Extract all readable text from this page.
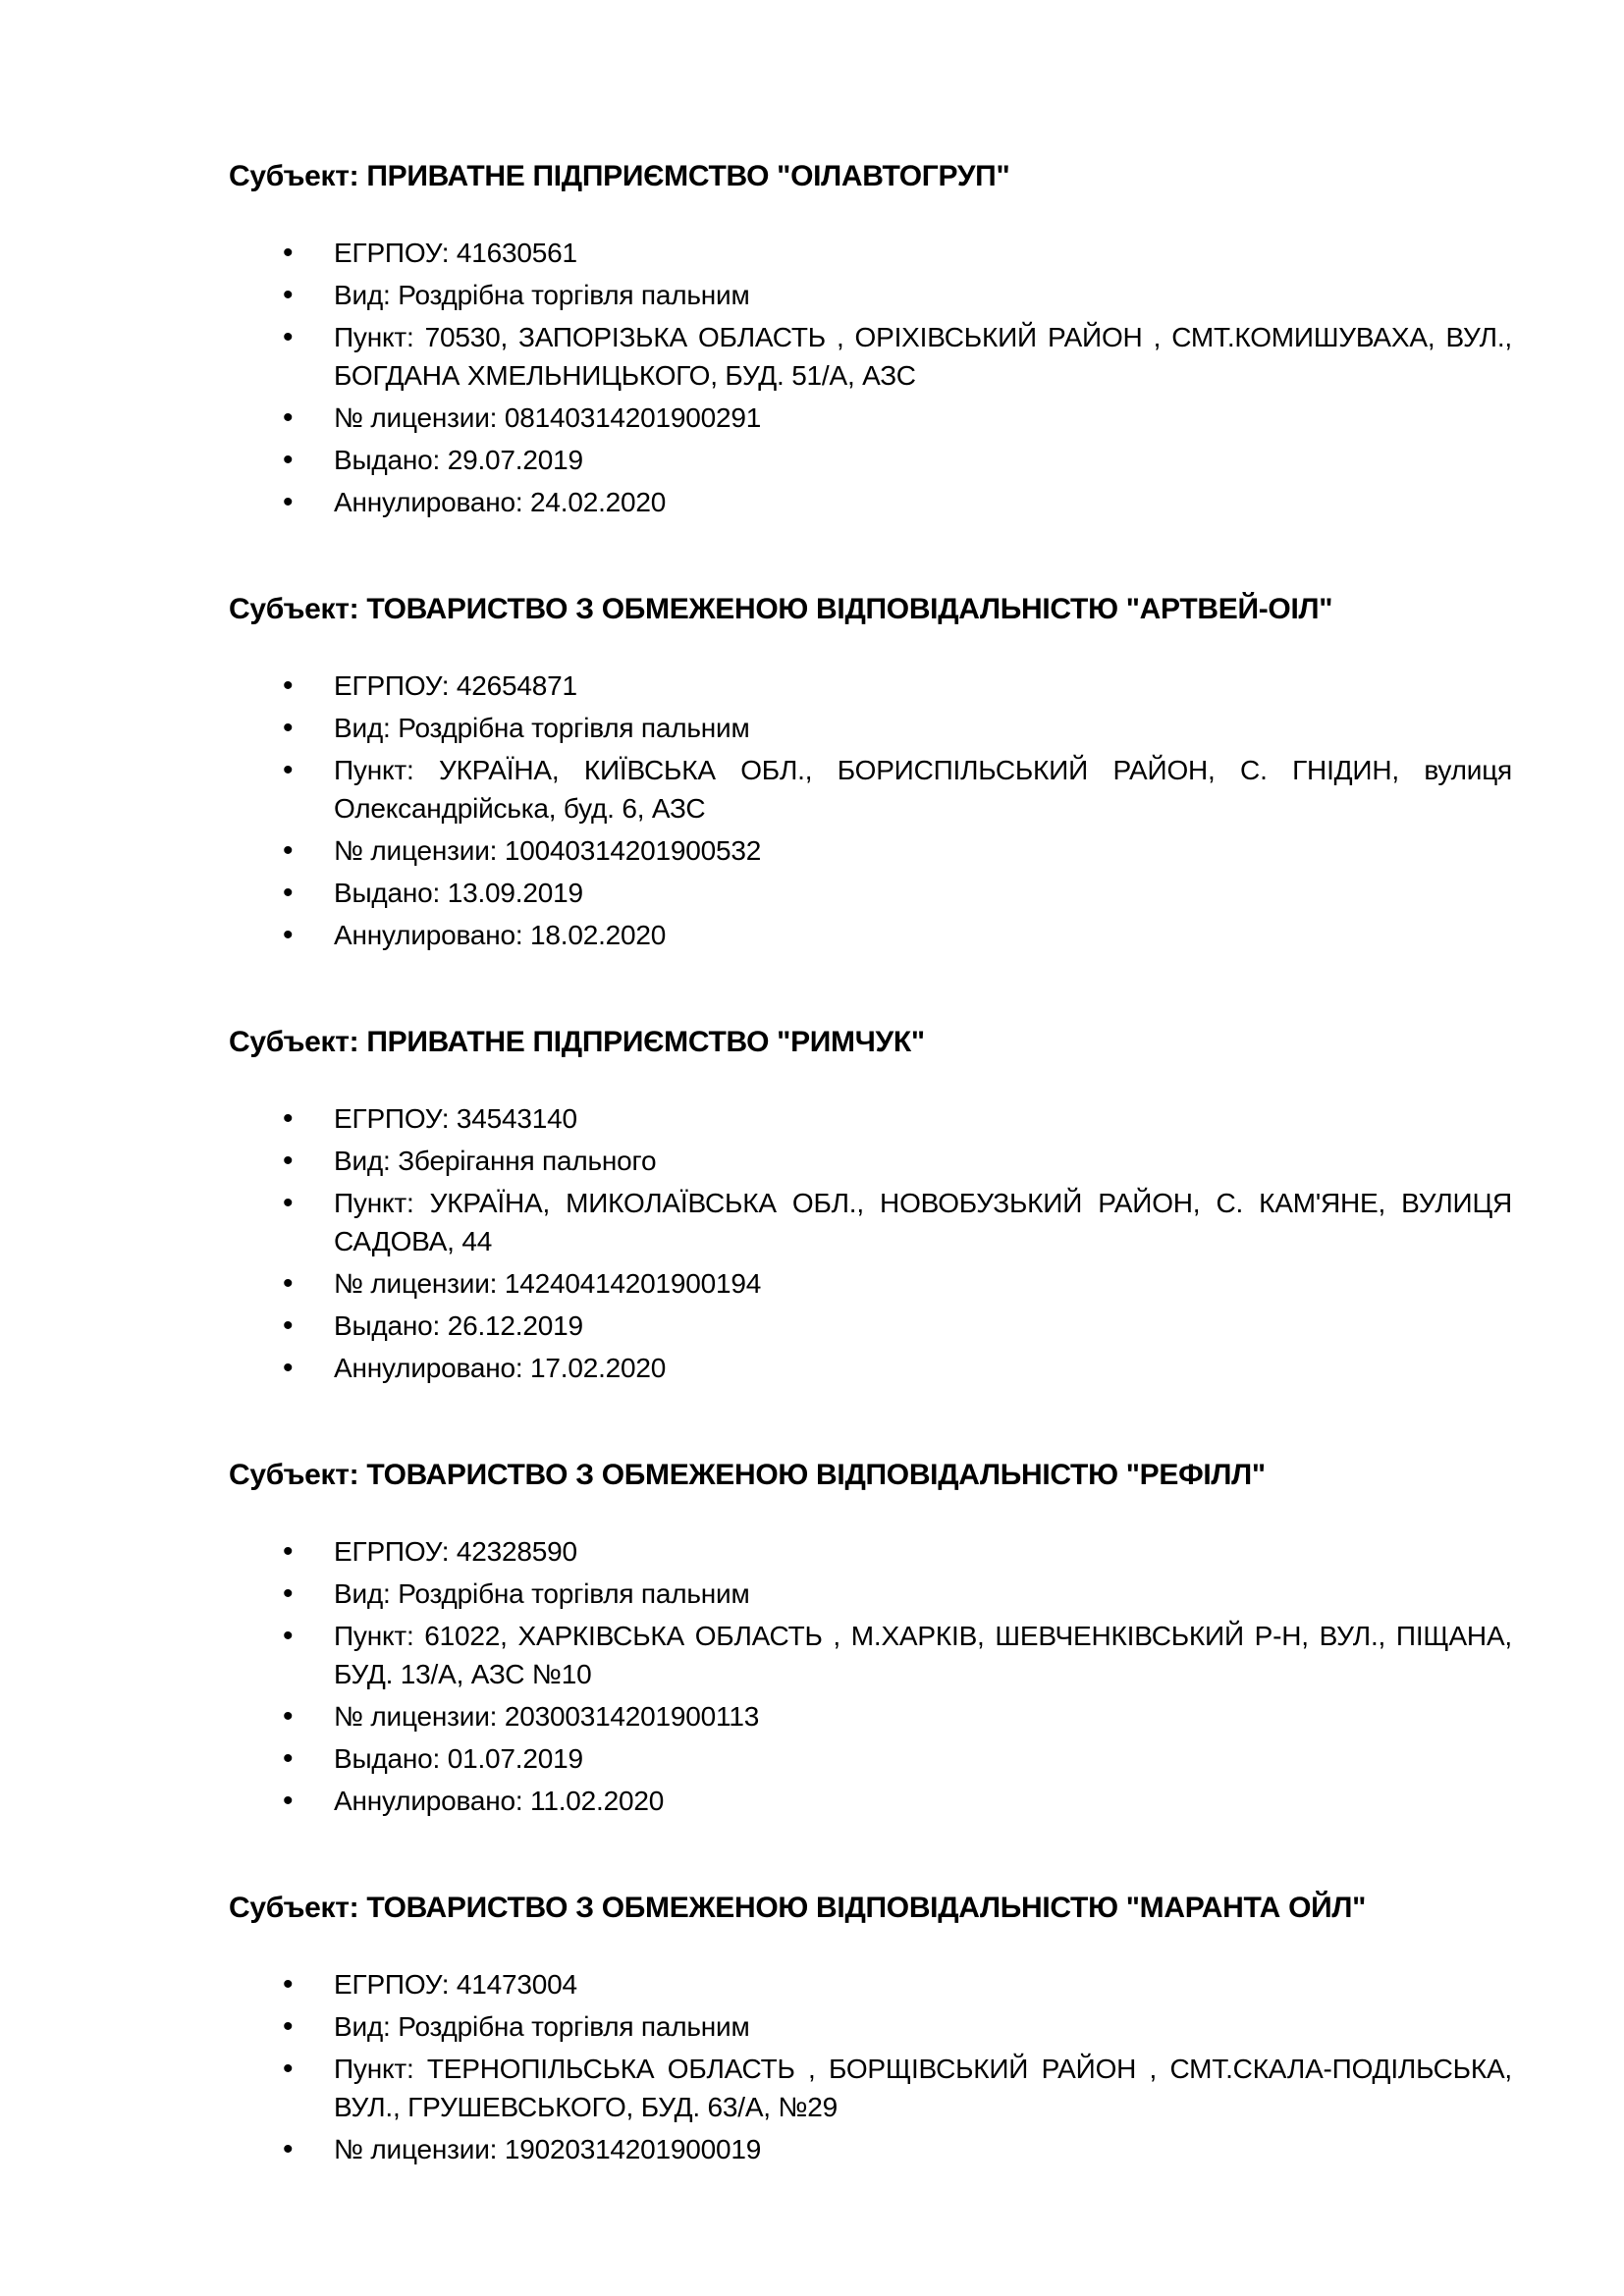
Субъект: ПРИВАТНЕ ПІДПРИЄМСТВО "ОІЛАВТОГРУП"
• ЕГРПОУ: 41630561
• Вид: Роздрібна торгівля пальним
• Пункт: 70530, ЗАПОРІЗЬКА ОБЛАСТЬ , ОРІХІВСЬКИЙ РАЙОН , СМТ.КОМИШУВАХА, ВУЛ., БОГДАНА ХМЕЛЬНИЦЬКОГО, БУД. 51/А, АЗС
• № лицензии: 08140314201900291
• Выдано: 29.07.2019
• Аннулировано: 24.02.2020
Субъект: ТОВАРИСТВО З ОБМЕЖЕНОЮ ВІДПОВІДАЛЬНІСТЮ "АРТВЕЙ-ОІЛ"
• ЕГРПОУ: 42654871
• Вид: Роздрібна торгівля пальним
• Пункт: УКРАЇНА, КИЇВСЬКА ОБЛ., БОРИСПІЛЬСЬКИЙ РАЙОН, С. ГНІДИН, вулиця Олександрійська, буд. 6, АЗС
• № лицензии: 10040314201900532
• Выдано: 13.09.2019
• Аннулировано: 18.02.2020
Субъект: ПРИВАТНЕ ПІДПРИЄМСТВО "РИМЧУК"
• ЕГРПОУ: 34543140
• Вид: Зберігання пального
• Пункт: УКРАЇНА, МИКОЛАЇВСЬКА ОБЛ., НОВОБУЗЬКИЙ РАЙОН, С. КАМ'ЯНЕ, ВУЛИЦЯ САДОВА, 44
• № лицензии: 14240414201900194
• Выдано: 26.12.2019
• Аннулировано: 17.02.2020
Субъект: ТОВАРИСТВО З ОБМЕЖЕНОЮ ВІДПОВІДАЛЬНІСТЮ "РЕФІЛЛ"
• ЕГРПОУ: 42328590
• Вид: Роздрібна торгівля пальним
• Пункт: 61022, ХАРКІВСЬКА ОБЛАСТЬ , М.ХАРКІВ, ШЕВЧЕНКІВСЬКИЙ Р-Н, ВУЛ., ПІЩАНА, БУД. 13/А, АЗС №10
• № лицензии: 20300314201900113
• Выдано: 01.07.2019
• Аннулировано: 11.02.2020
Субъект: ТОВАРИСТВО З ОБМЕЖЕНОЮ ВІДПОВІДАЛЬНІСТЮ "МАРАНТА ОЙЛ"
• ЕГРПОУ: 41473004
• Вид: Роздрібна торгівля пальним
• Пункт: ТЕРНОПІЛЬСЬКА ОБЛАСТЬ , БОРЩІВСЬКИЙ РАЙОН , СМТ.СКАЛА-ПОДІЛЬСЬКА, ВУЛ., ГРУШЕВСЬКОГО, БУД. 63/А, №29
• № лицензии: 19020314201900019
